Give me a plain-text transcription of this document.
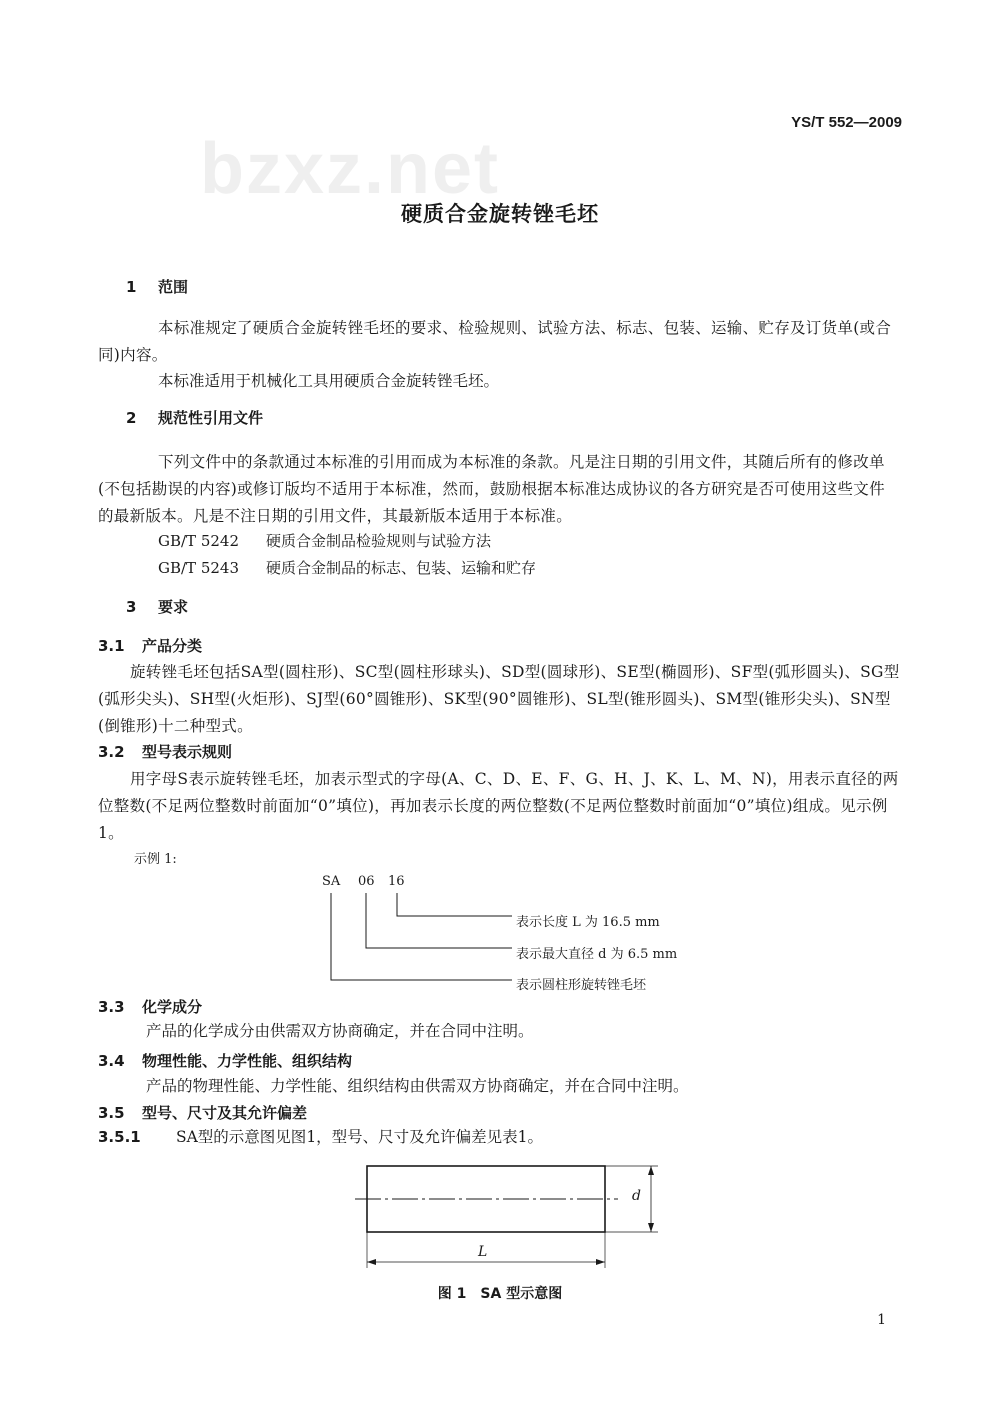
bzxz.net
YS/T 552—2009
硬质合金旋转锉毛坯
1 范围
本标准规定了硬质合金旋转锉毛坯的要求、检验规则、试验方法、标志、包装、运输、贮存及订货单(或合同)内容。
本标准适用于机械化工具用硬质合金旋转锉毛坯。
2 规范性引用文件
下列文件中的条款通过本标准的引用而成为本标准的条款。凡是注日期的引用文件，其随后所有的修改单(不包括勘误的内容)或修订版均不适用于本标准，然而，鼓励根据本标准达成协议的各方研究是否可使用这些文件的最新版本。凡是不注日期的引用文件，其最新版本适用于本标准。
GB/T 5242 硬质合金制品检验规则与试验方法
GB/T 5243 硬质合金制品的标志、包装、运输和贮存
3 要求
3.1 产品分类
旋转锉毛坯包括SA型(圆柱形)、SC型(圆柱形球头)、SD型(圆球形)、SE型(椭圆形)、SF型(弧形圆头)、SG型(弧形尖头)、SH型(火炬形)、SJ型(60°圆锥形)、SK型(90°圆锥形)、SL型(锥形圆头)、SM型(锥形尖头)、SN型(倒锥形)十二种型式。
3.2 型号表示规则
用字母S表示旋转锉毛坯，加表示型式的字母(A、C、D、E、F、G、H、J、K、L、M、N)，用表示直径的两位整数(不足两位整数时前面加“0”填位)，再加表示长度的两位整数(不足两位整数时前面加“0”填位)组成。见示例1。
示例 1:
SA 06 16
表示长度 L 为 16.5 mm
表示最大直径 d 为 6.5 mm
表示圆柱形旋转锉毛坯
3.3 化学成分
产品的化学成分由供需双方协商确定，并在合同中注明。
3.4 物理性能、力学性能、组织结构
产品的物理性能、力学性能、组织结构由供需双方协商确定，并在合同中注明。
3.5 型号、尺寸及其允许偏差
3.5.1 SA型的示意图见图1，型号、尺寸及允许偏差见表1。
d
L
图 1　SA 型示意图
1
